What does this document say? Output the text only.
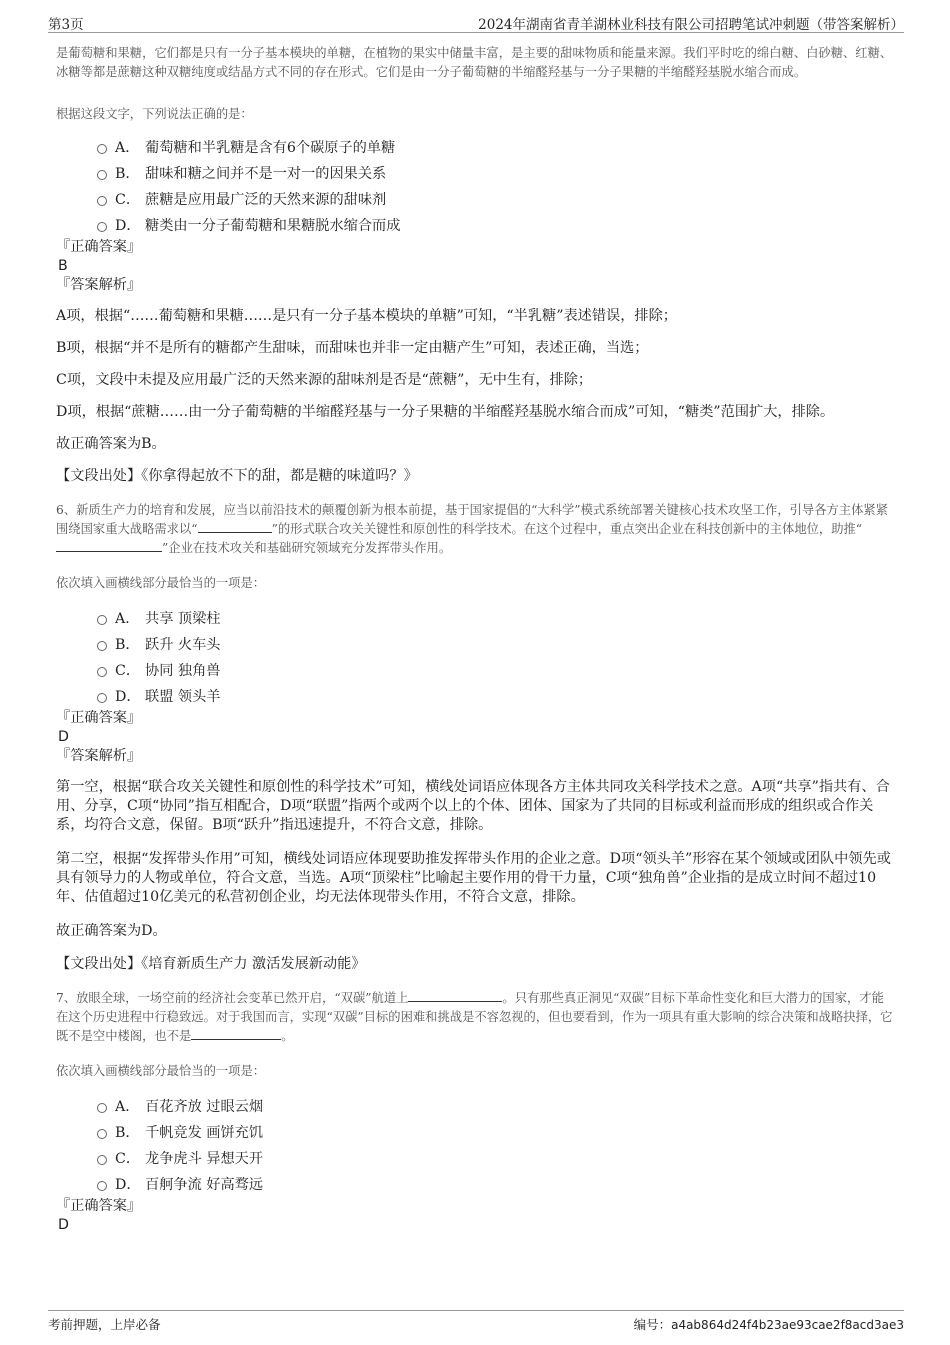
第3页	2024年湖南省青羊湖林业科技有限公司招聘笔试冲刺题（带答案解析）

是葡萄糖和果糖，它们都是只有一分子基本模块的单糖，在植物的果实中储量丰富，是主要的甜味物质和能量来源。我们平时吃的绵白糖、白砂糖、红糖、冰糖等都是蔗糖这种双糖纯度或结晶方式不同的存在形式。它们是由一分子葡萄糖的半缩醛羟基与一分子果糖的半缩醛羟基脱水缩合而成。

根据这段文字，下列说法正确的是：

A． 葡萄糖和半乳糖是含有6个碳原子的单糖
B． 甜味和糖之间并不是一对一的因果关系
C． 蔗糖是应用最广泛的天然来源的甜味剂
D． 糖类由一分子葡萄糖和果糖脱水缩合而成

『正确答案』

B

『答案解析』

A项，根据“……葡萄糖和果糖……是只有一分子基本模块的单糖”可知，“半乳糖”表述错误，排除；

B项，根据“并不是所有的糖都产生甜味，而甜味也并非一定由糖产生”可知，表述正确，当选；

C项，文段中未提及应用最广泛的天然来源的甜味剂是否是“蔗糖”，无中生有，排除；

D项，根据“蔗糖……由一分子葡萄糖的半缩醛羟基与一分子果糖的半缩醛羟基脱水缩合而成”可知，“糖类”范围扩大，排除。

故正确答案为B。

【文段出处】《你拿得起放不下的甜，都是糖的味道吗？》

6、新质生产力的培育和发展，应当以前沿技术的颠覆创新为根本前提，基于国家提倡的“大科学”模式系统部署关键核心技术攻坚工作，引导各方主体紧紧围绕国家重大战略需求以“	”的形式联合攻关关键性和原创性的科学技术。在这个过程中，重点突出企业在科技创新中的主体地位，助推“”企业在技术攻关和基础研究领域充分发挥带头作用。

依次填入画横线部分最恰当的一项是：

A． 共享 顶梁柱
B． 跃升 火车头
C． 协同 独角兽
D． 联盟 领头羊

『正确答案』

D

『答案解析』

第一空，根据“联合攻关关键性和原创性的科学技术”可知，横线处词语应体现各方主体共同攻关科学技术之意。A项“共享”指共有、合用、分享，C项“协同”指互相配合，D项“联盟”指两个或两个以上的个体、团体、国家为了共同的目标或利益而形成的组织或合作关系，均符合文意，保留。B项“跃升”指迅速提升，不符合文意，排除。

第二空，根据“发挥带头作用”可知，横线处词语应体现要助推发挥带头作用的企业之意。D项“领头羊”形容在某个领域或团队中领先或具有领导力的人物或单位，符合文意，当选。A项“顶梁柱”比喻起主要作用的骨干力量，C项“独角兽”企业指的是成立时间不超过10年、估值超过10亿美元的私营初创企业，均无法体现带头作用，不符合文意，排除。

故正确答案为D。

【文段出处】《培育新质生产力 激活发展新动能》

7、放眼全球，一场空前的经济社会变革已然开启，“双碳”航道上	。只有那些真正洞见“双碳”目标下革命性变化和巨大潜力的国家，才能在这个历史进程中行稳致远。对于我国而言，实现“双碳”目标的困难和挑战是不容忽视的，但也要看到，作为一项具有重大影响的综合决策和战略抉择，它既不是空中楼阁，也不是	。

依次填入画横线部分最恰当的一项是：

A． 百花齐放 过眼云烟
B． 千帆竞发 画饼充饥
C． 龙争虎斗 异想天开
D． 百舸争流 好高骛远

『正确答案』

D

考前押题，上岸必备	编号：a4ab864d24f4b23ae93cae2f8acd3ae3
